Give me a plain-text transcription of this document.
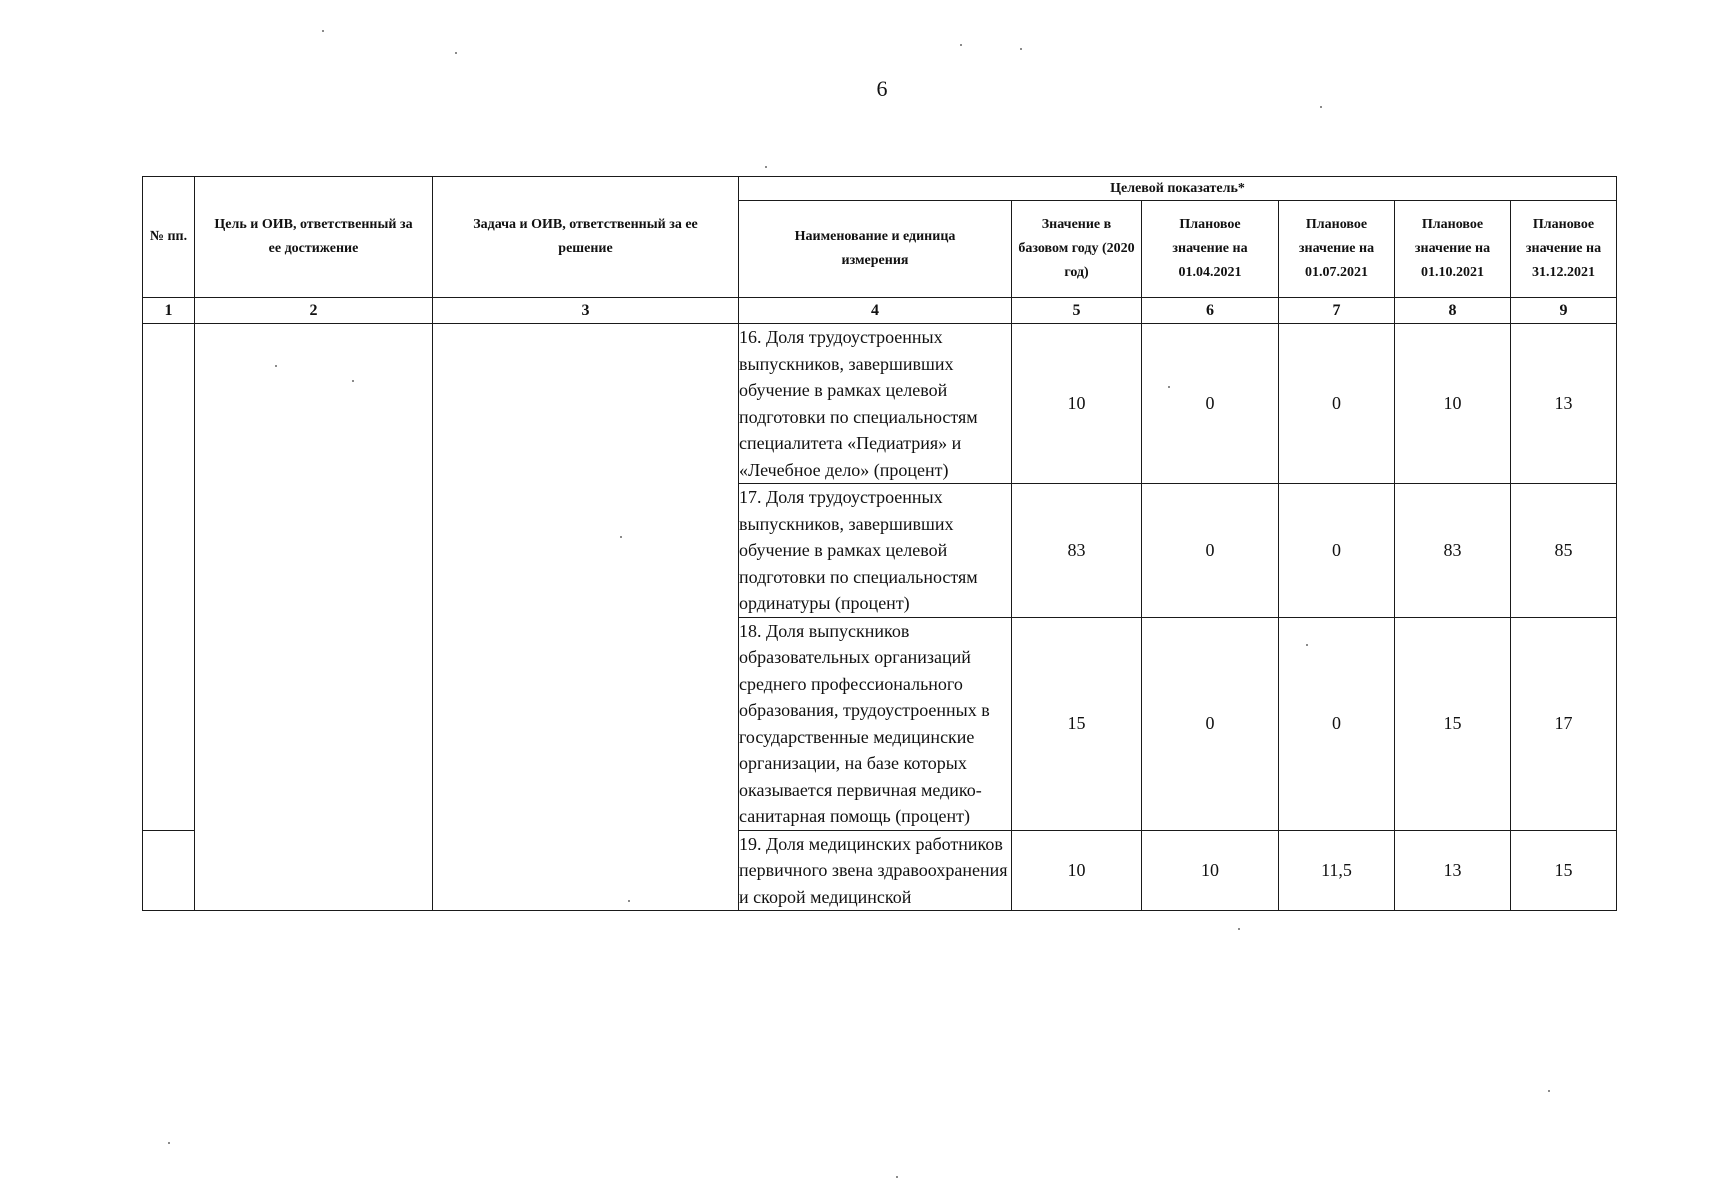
6
№ пп.	Цель и ОИВ, ответственный за ее достижение	Задача и ОИВ, ответственный за ее решение	Целевой показатель*					
			Наименование и единица измерения	Значение в базовом году (2020 год)	Плановое значение на 01.04.2021	Плановое значение на 01.07.2021	Плановое значение на 01.10.2021	Плановое значение на 31.12.2021
1	2	3	4	5	6	7	8	9
			16. Доля трудоустроенных выпускников, завершивших обучение в рамках целевой подготовки по специальностям специалитета «Педиатрия» и «Лечебное дело» (процент)	10	0	0	10	13
			17. Доля трудоустроенных выпускников, завершивших обучение в рамках целевой подготовки по специальностям ординатуры (процент)	83	0	0	83	85
			18. Доля выпускников образовательных организаций среднего профессионального образования, трудоустроенных в государственные медицинские организации, на базе которых оказывается первичная медико-санитарная помощь (процент)	15	0	0	15	17
			19. Доля медицинских работников первичного звена здравоохранения и скорой медицинской	10	10	11,5	13	15
